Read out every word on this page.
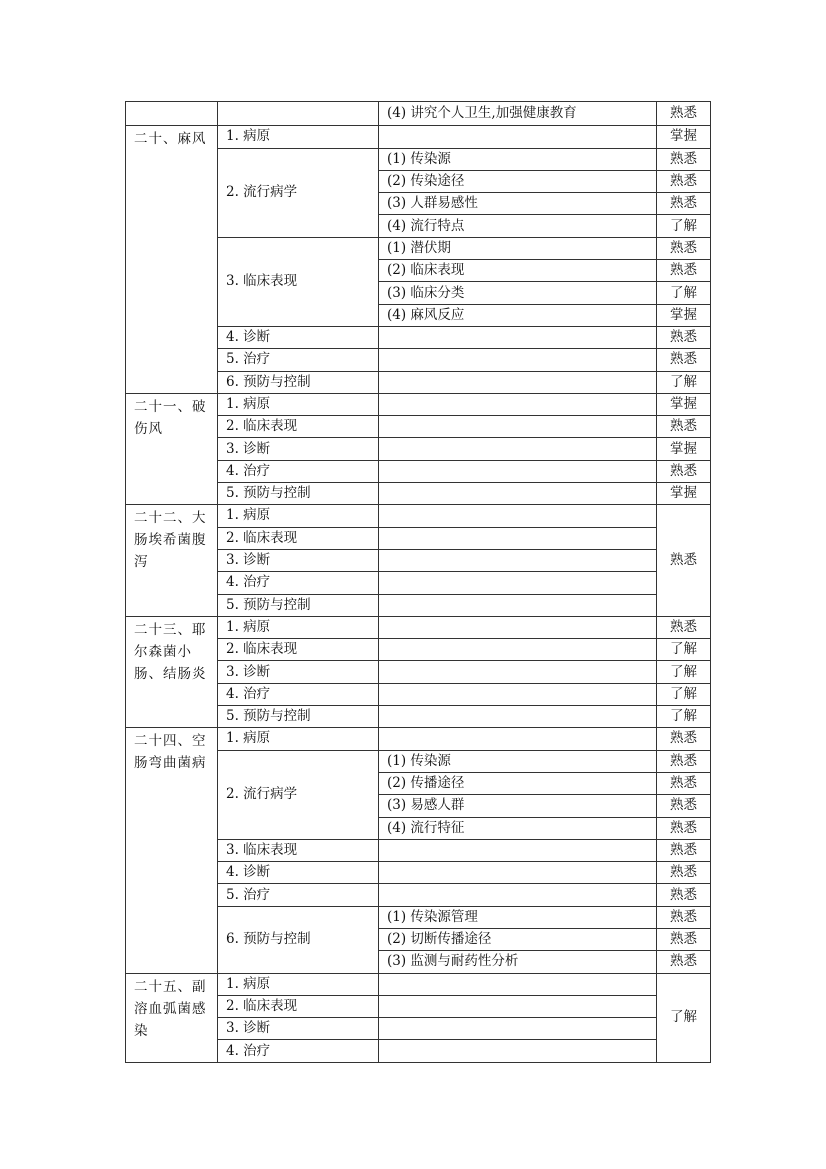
		(4) 讲究个人卫生,加强健康教育	熟悉
二十、麻风	1. 病原		掌握
	2. 流行病学	(1) 传染源	熟悉
		(2) 传染途径	熟悉
		(3) 人群易感性	熟悉
		(4) 流行特点	了解
	3. 临床表现	(1) 潜伏期	熟悉
		(2) 临床表现	熟悉
		(3) 临床分类	了解
		(4) 麻风反应	掌握
	4. 诊断		熟悉
	5. 治疗		熟悉
	6. 预防与控制		了解
二十一、破伤风	1. 病原		掌握
	2. 临床表现		熟悉
	3. 诊断		掌握
	4. 治疗		熟悉
	5. 预防与控制		掌握
二十二、大肠埃希菌腹泻	1. 病原		熟悉
	2. 临床表现		
	3. 诊断		
	4. 治疗		
	5. 预防与控制		
二十三、耶尔森菌小肠、结肠炎	1. 病原		熟悉
	2. 临床表现		了解
	3. 诊断		了解
	4. 治疗		了解
	5. 预防与控制		了解
二十四、空肠弯曲菌病	1. 病原		熟悉
	2. 流行病学	(1) 传染源	熟悉
		(2) 传播途径	熟悉
		(3) 易感人群	熟悉
		(4) 流行特征	熟悉
	3. 临床表现		熟悉
	4. 诊断		熟悉
	5. 治疗		熟悉
	6. 预防与控制	(1) 传染源管理	熟悉
		(2) 切断传播途径	熟悉
		(3) 监测与耐药性分析	熟悉
二十五、副溶血弧菌感染	1. 病原		了解
	2. 临床表现		
	3. 诊断		
	4. 治疗		
